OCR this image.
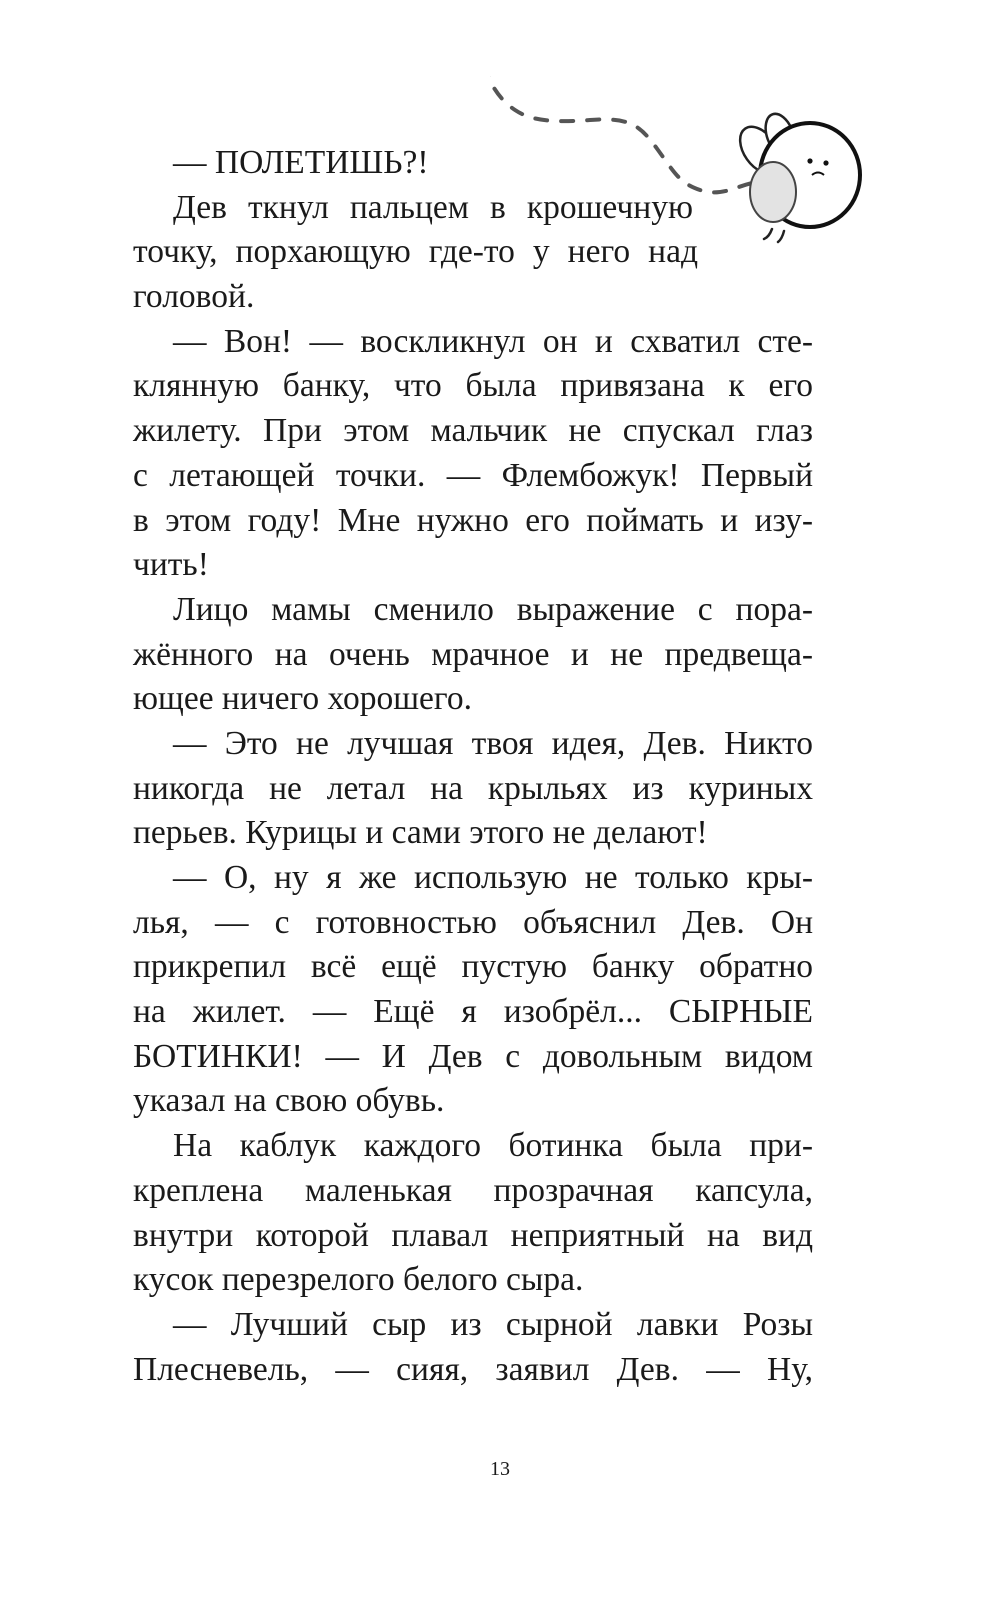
— ПОЛЕТИШЬ?!
Дев ткнул пальцем в крошечную
точку, порхающую где-то у него над
головой.
— Вон! — воскликнул он и схватил сте-
клянную банку, что была привязана к его
жилету. При этом мальчик не спускал глаз
с летающей точки. — Флембожук! Первый
в этом году! Мне нужно его поймать и изу-
чить!
Лицо мамы сменило выражение с пора-
жённого на очень мрачное и не предвеща-
ющее ничего хорошего.
— Это не лучшая твоя идея, Дев. Никто
никогда не летал на крыльях из куриных
перьев. Курицы и сами этого не делают!
— О, ну я же использую не только кры-
лья, — с готовностью объяснил Дев. Он
прикрепил всё ещё пустую банку обратно
на жилет. — Ещё я изобрёл... СЫРНЫЕ
БОТИНКИ! — И Дев с довольным видом
указал на свою обувь.
На каблук каждого ботинка была при-
креплена маленькая прозрачная капсула,
внутри которой плавал неприятный на вид
кусок перезрелого белого сыра.
— Лучший сыр из сырной лавки Розы
Плесневель, — сияя, заявил Дев. — Ну,
13
